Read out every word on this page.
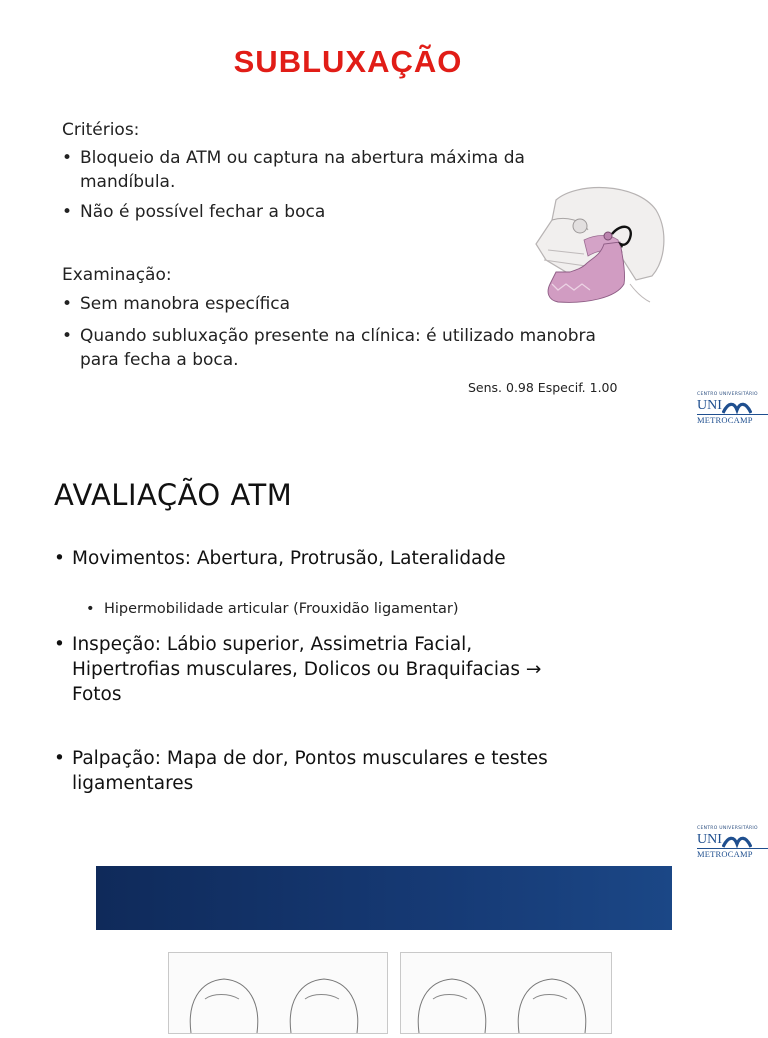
SUBLUXAÇÃO
Critérios:
• Bloqueio da ATM ou captura na abertura máxima da mandíbula.
• Não é possível fechar a boca
Examinação:
• Sem manobra específica
• Quando subluxação presente na clínica: é utilizado manobra para fecha a boca.
Sens. 0.98 Especif. 1.00	CENTRO UNIVERSITÁRIO
UNI
METROCAMP
AVALIAÇÃO ATM
• Movimentos: Abertura, Protrusão, Lateralidade
• Hipermobilidade articular (Frouxidão ligamentar)
• Inspeção: Lábio superior, Assimetria Facial,
Hipertrofias musculares, Dolicos ou Braquifacias →
Fotos
• Palpação: Mapa de dor, Pontos musculares e testes
ligamentares
CENTRO UNIVERSITÁRIO
UNI
METROCAMP
